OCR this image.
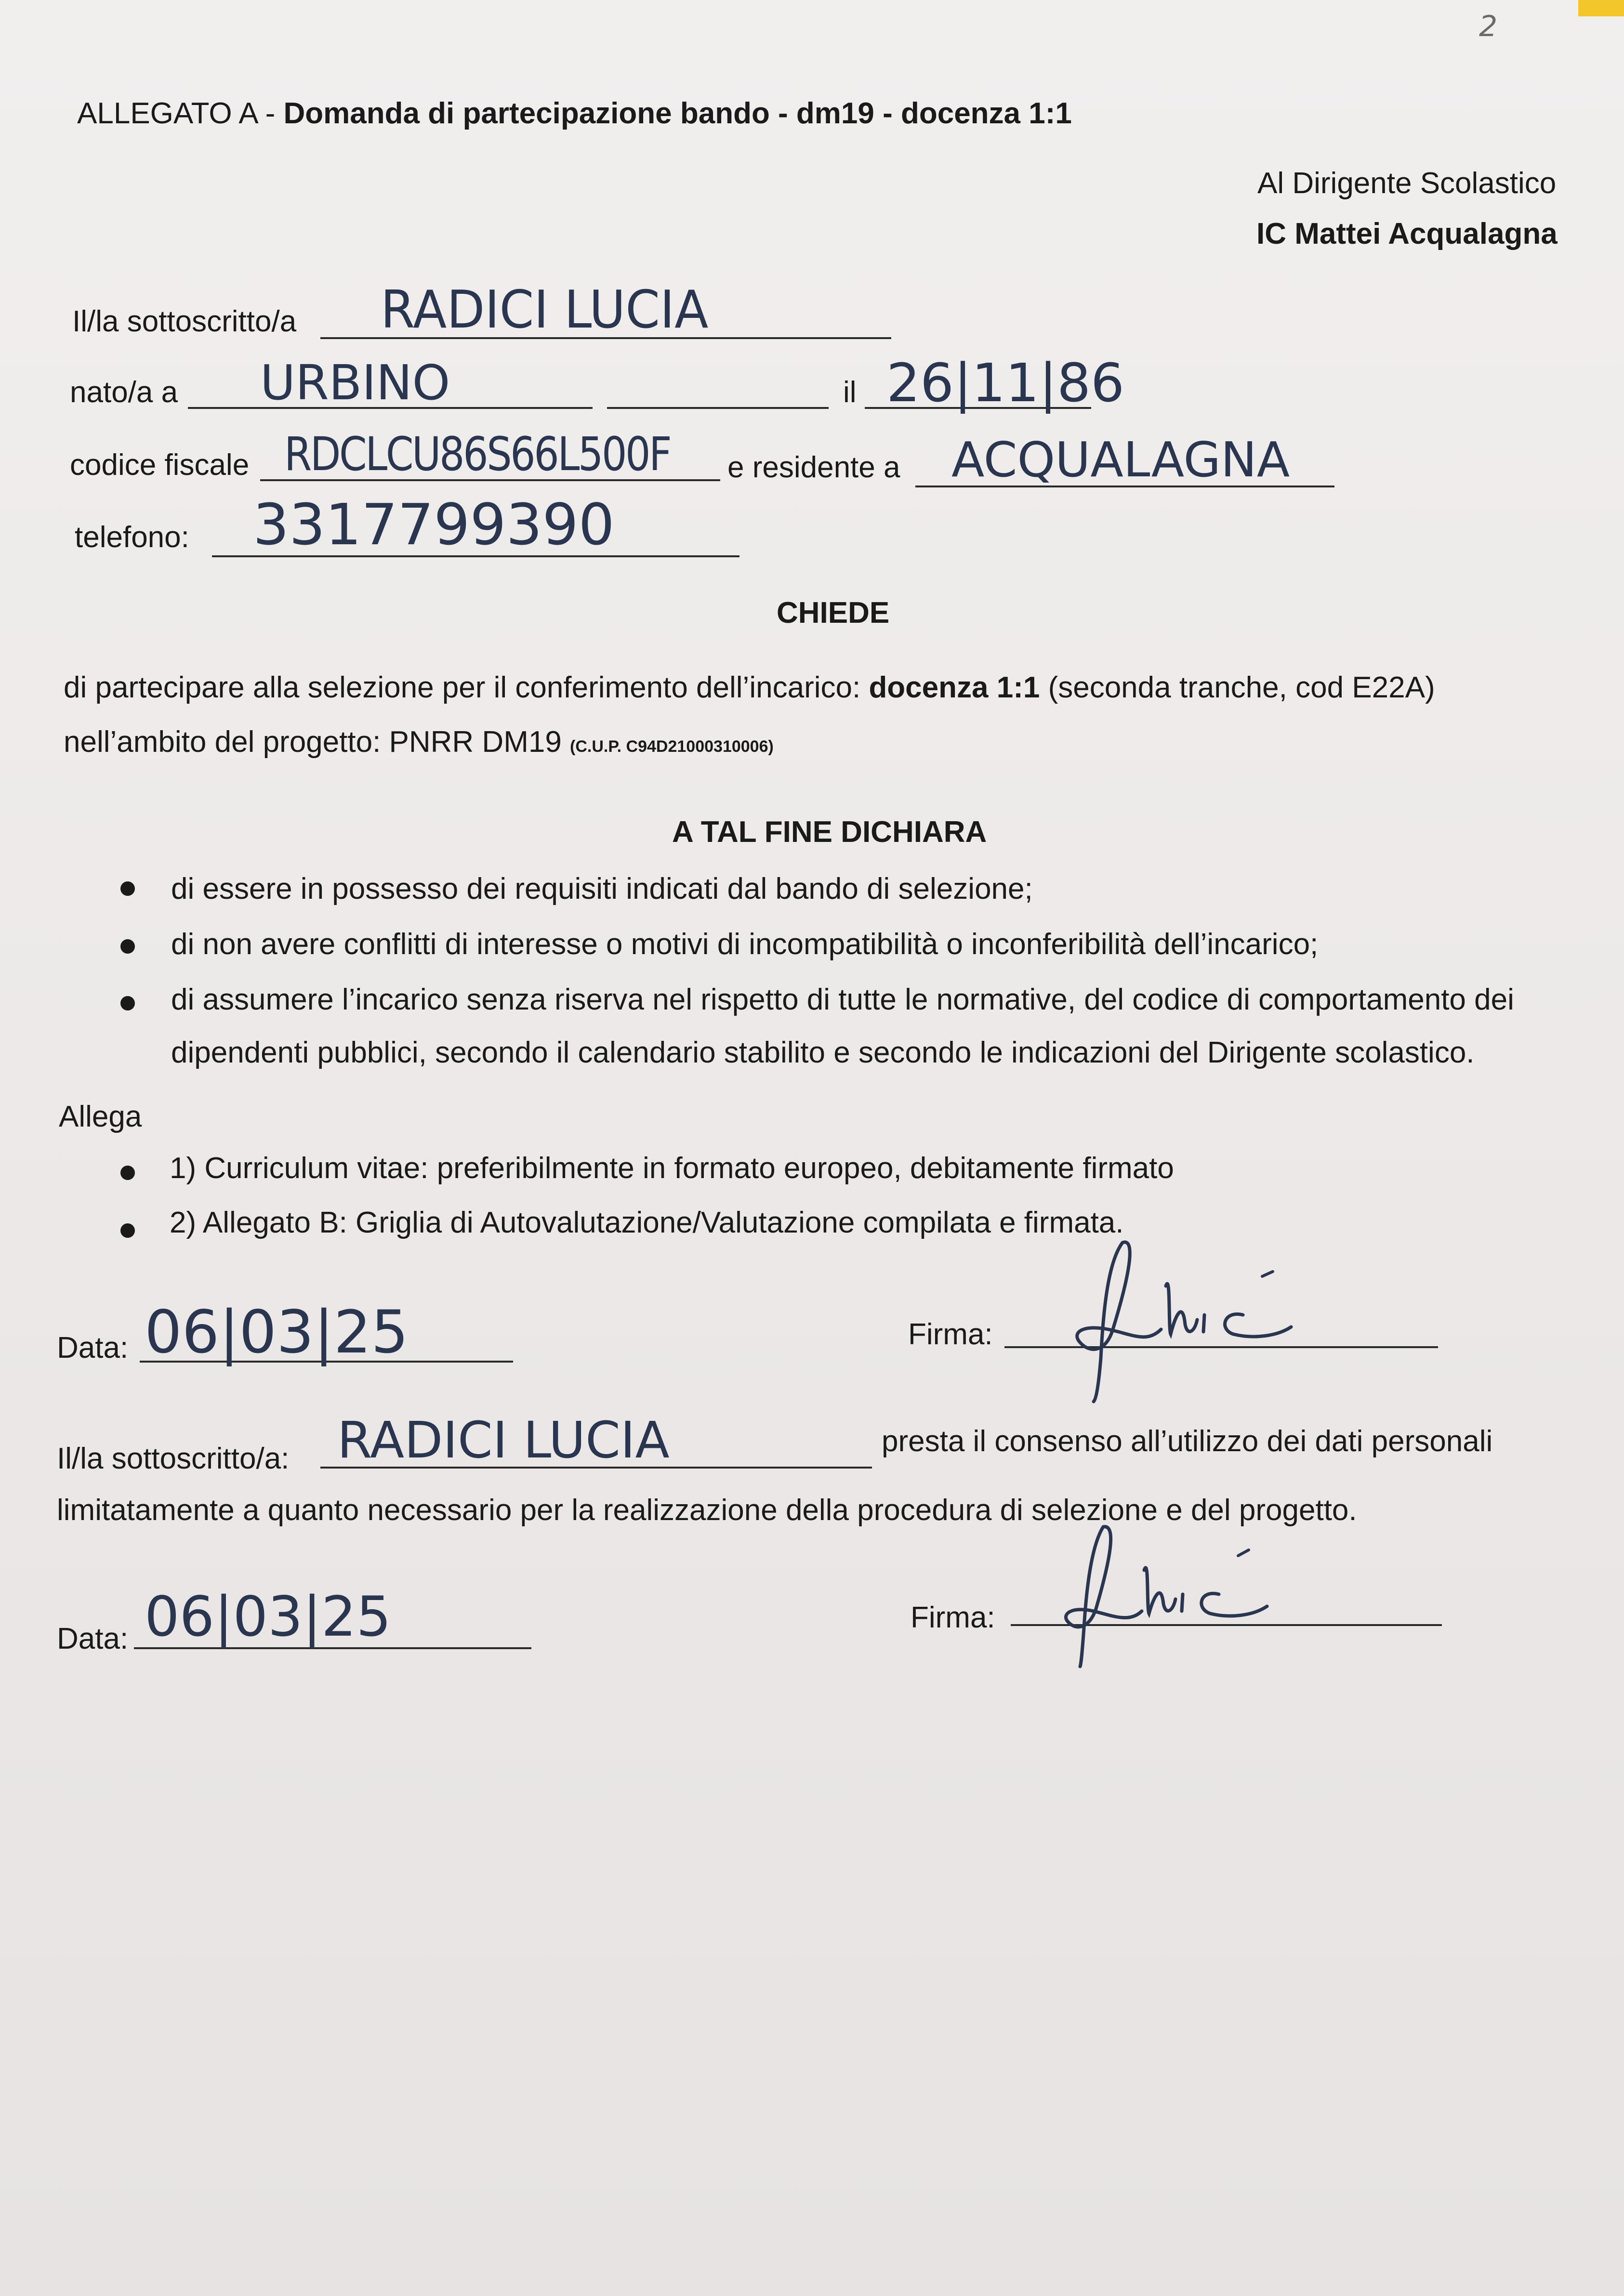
2
ALLEGATO A - Domanda di partecipazione bando - dm19 - docenza 1:1
Al Dirigente Scolastico
IC Mattei Acqualagna
Il/la sottoscritto/a RADICI LUCIA
nato/a a URBINO	il 26|11|86
codice fiscale RDCLCU86S66L500F e residente a ACQUALAGNA
telefono: 3317799390
CHIEDE
di partecipare alla selezione per il conferimento dell’incarico: docenza 1:1 (seconda tranche, cod E22A)
nell’ambito del progetto: PNRR DM19 (C.U.P. C94D21000310006)
A TAL FINE DICHIARA
di essere in possesso dei requisiti indicati dal bando di selezione;
di non avere conflitti di interesse o motivi di incompatibilità o inconferibilità dell’incarico;
di assumere l’incarico senza riserva nel rispetto di tutte le normative, del codice di comportamento dei
dipendenti pubblici, secondo il calendario stabilito e secondo le indicazioni del Dirigente scolastico.
Allega
1) Curriculum vitae: preferibilmente in formato europeo, debitamente firmato
2) Allegato B: Griglia di Autovalutazione/Valutazione compilata e firmata.
Data: 06|03|25	Firma:
Il/la sottoscritto/a: RADICI LUCIA	presta il consenso all’utilizzo dei dati personali
limitatamente a quanto necessario per la realizzazione della procedura di selezione e del progetto.
Data: 06|03|25	Firma:
